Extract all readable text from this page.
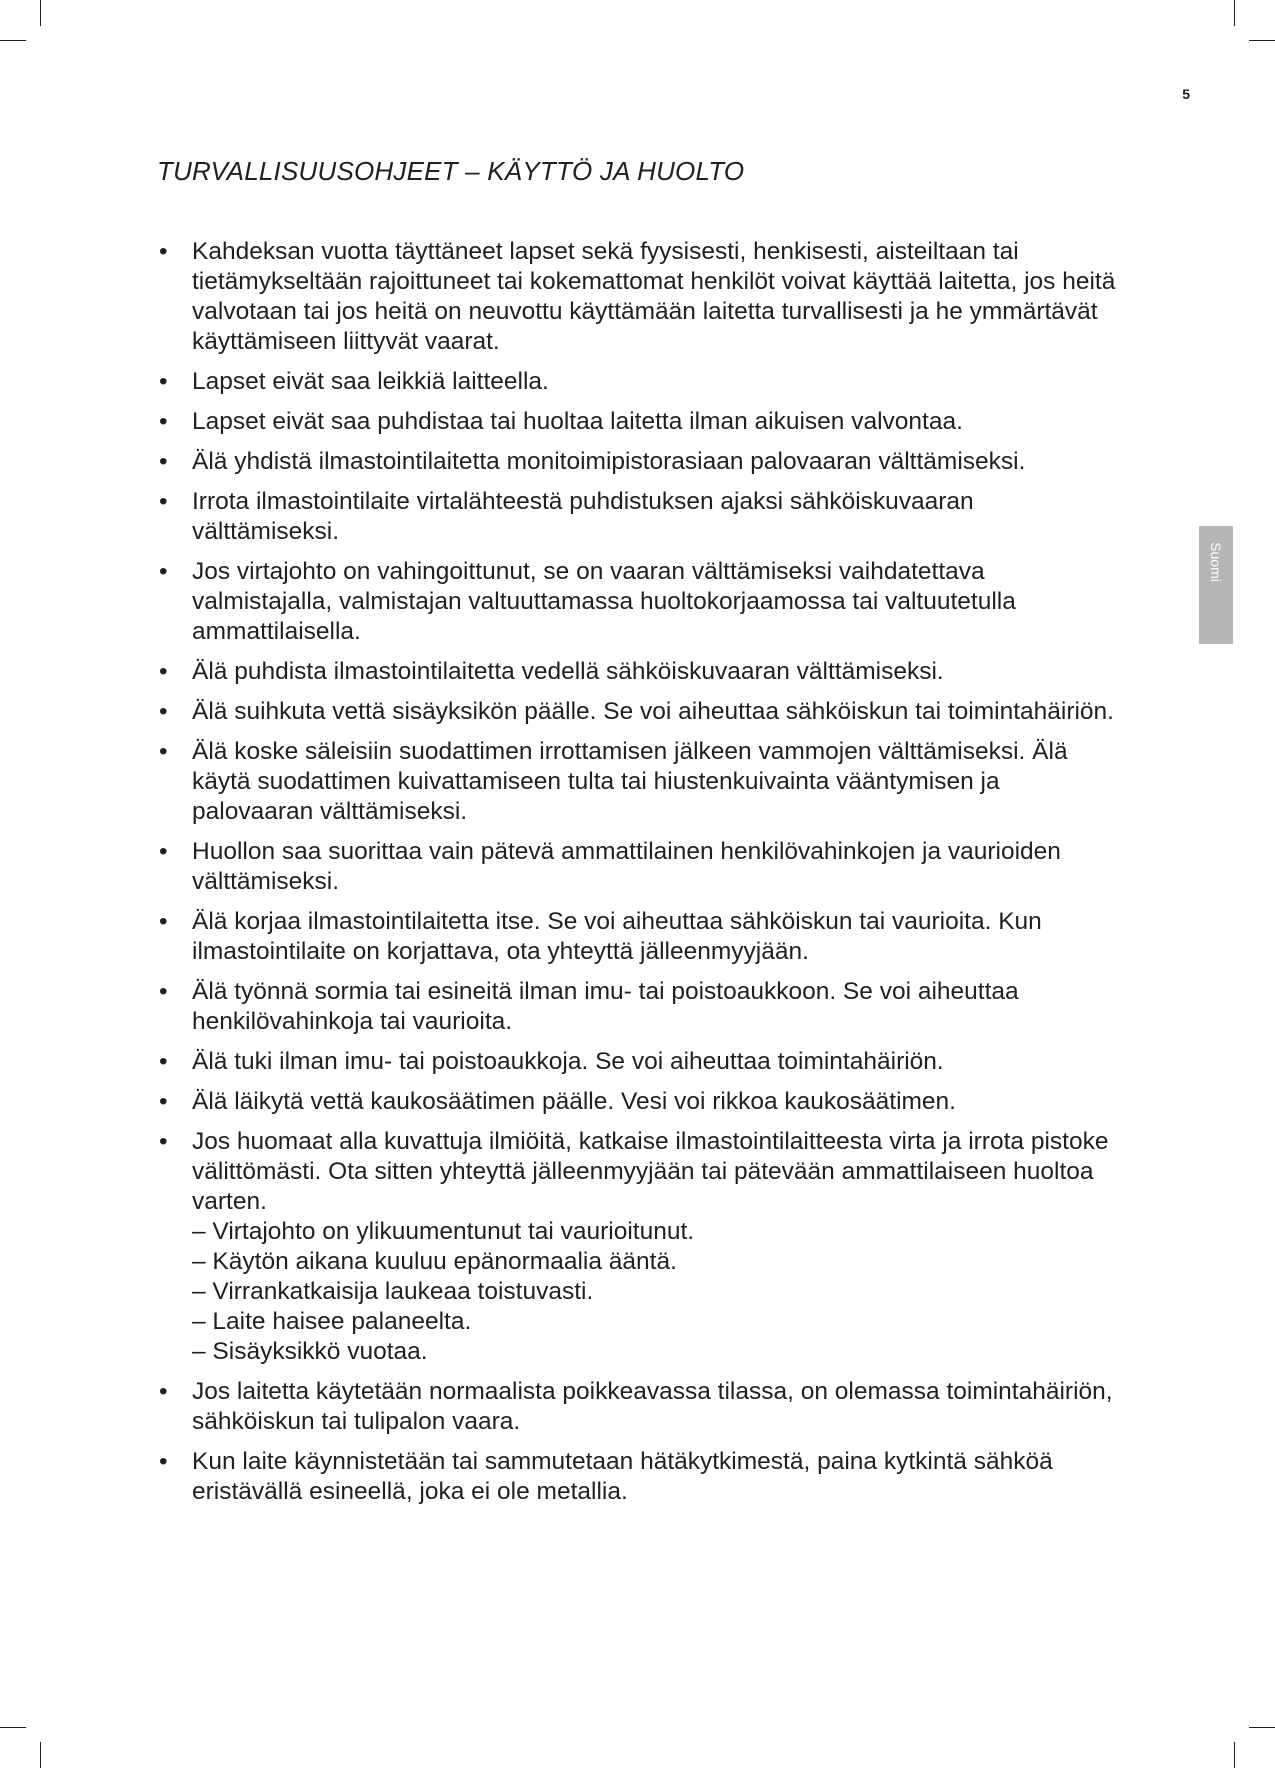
5
TURVALLISUUSOHJEET – KÄYTTÖ JA HUOLTO
• Kahdeksan vuotta täyttäneet lapset sekä fyysisesti, henkisesti, aisteiltaan tai tietämykseltään rajoittuneet tai kokemattomat henkilöt voivat käyttää laitetta, jos heitä valvotaan tai jos heitä on neuvottu käyttämään laitetta turvallisesti ja he ymmärtävät käyttämiseen liittyvät vaarat.
• Lapset eivät saa leikkiä laitteella.
• Lapset eivät saa puhdistaa tai huoltaa laitetta ilman aikuisen valvontaa.
• Älä yhdistä ilmastointilaitetta monitoimipistorasiaan palovaaran välttämiseksi.
• Irrota ilmastointilaite virtalähteestä puhdistuksen ajaksi sähköiskuvaaran välttämiseksi.
• Jos virtajohto on vahingoittunut, se on vaaran välttämiseksi vaihdatettava valmistajalla, valmistajan valtuuttamassa huoltokorjaamossa tai valtuutetulla ammattilaisella.
• Älä puhdista ilmastointilaitetta vedellä sähköiskuvaaran välttämiseksi.
• Älä suihkuta vettä sisäyksikön päälle. Se voi aiheuttaa sähköiskun tai toimintahäiriön.
• Älä koske säleisiin suodattimen irrottamisen jälkeen vammojen välttämiseksi. Älä käytä suodattimen kuivattamiseen tulta tai hiustenkuivainta vääntymisen ja palovaaran välttämiseksi.
• Huollon saa suorittaa vain pätevä ammattilainen henkilövahinkojen ja vaurioiden välttämiseksi.
• Älä korjaa ilmastointilaitetta itse. Se voi aiheuttaa sähköiskun tai vaurioita. Kun ilmastointilaite on korjattava, ota yhteyttä jälleenmyyjään.
• Älä työnnä sormia tai esineitä ilman imu- tai poistoaukkoon. Se voi aiheuttaa henkilövahinkoja tai vaurioita.
• Älä tuki ilman imu- tai poistoaukkoja. Se voi aiheuttaa toimintahäiriön.
• Älä läikytä vettä kaukosäätimen päälle. Vesi voi rikkoa kaukosäätimen.
• Jos huomaat alla kuvattuja ilmiöitä, katkaise ilmastointilaitteesta virta ja irrota pistoke välittömästi. Ota sitten yhteyttä jälleenmyyjään tai pätevään ammattilaiseen huoltoa varten.
– Virtajohto on ylikuumentunut tai vaurioitunut.
– Käytön aikana kuuluu epänormaalia ääntä.
– Virrankatkaisija laukeaa toistuvasti.
– Laite haisee palaneelta.
– Sisäyksikkö vuotaa.
• Jos laitetta käytetään normaalista poikkeavassa tilassa, on olemassa toimintahäiriön, sähköiskun tai tulipalon vaara.
• Kun laite käynnistetään tai sammutetaan hätäkytkimestä, paina kytkintä sähköä eristävällä esineellä, joka ei ole metallia.
Suomi
